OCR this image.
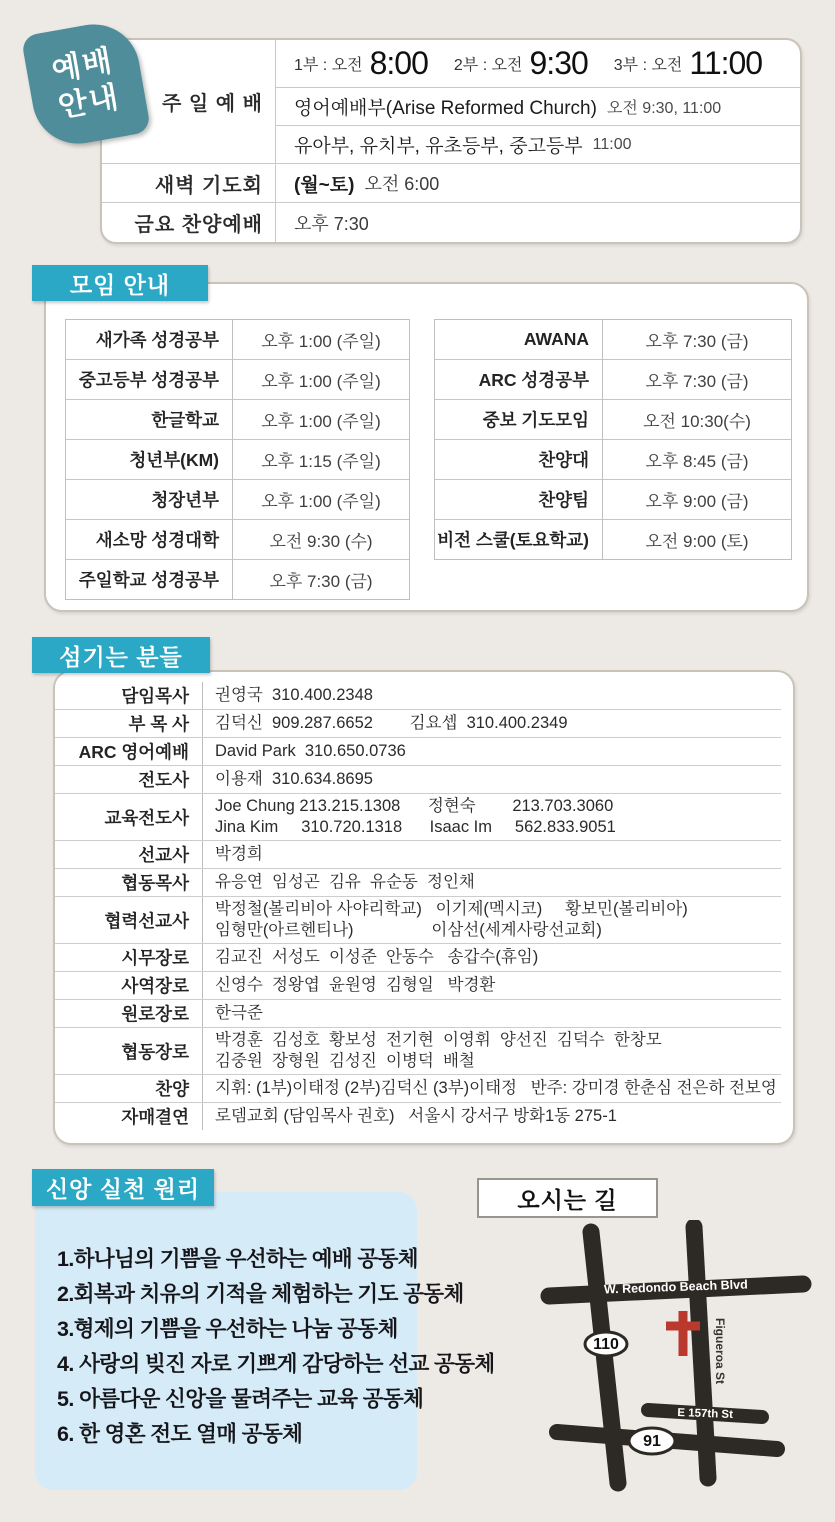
예배
안내	주 일 예 배
1부 : 오전 8:00 2부 : 오전 9:30 3부 : 오전 11:00
영어예배부(Arise Reformed Church) 오전 9:30, 11:00
유아부, 유치부, 유초등부, 중고등부 11:00
새벽 기도회	(월~토) 오전 6:00
금요 찬양예배	오후 7:30
모임 안내
새가족 성경공부	오후 1:00 (주일)
중고등부 성경공부	오후 1:00 (주일)
한글학교	오후 1:00 (주일)
청년부(KM)	오후 1:15 (주일)
청장년부	오후 1:00 (주일)
새소망 성경대학	오전 9:30 (수)
주일학교 성경공부	오후 7:30 (금)
AWANA	오후 7:30 (금)
ARC 성경공부	오후 7:30 (금)
중보 기도모임	오전 10:30(수)
찬양대	오후 8:45 (금)
찬양팀	오후 9:00 (금)
비전 스쿨(토요학교)	오전 9:00 (토)
섬기는 분들
담임목사	권영국  310.400.2348
부 목 사	김덕신  909.287.6652        김요셉  310.400.2349
ARC 영어예배	David Park  310.650.0736
전도사	이용재  310.634.8695
교육전도사
Joe Chung 213.215.1308      정현숙        213.703.3060
Jina Kim     310.720.1318      Isaac Im     562.833.9051
선교사	박경희
협동목사	유응연  임성곤  김유  유순동  정인채
협력선교사
박정철(볼리비아 사야리학교)   이기제(멕시코)     황보민(볼리비아)
임형만(아르헨티나)                 이삼선(세계사랑선교회)
시무장로	김교진  서성도  이성준  안동수   송갑수(휴임)
사역장로	신영수  정왕엽  윤원영  김형일   박경환
원로장로	한극준
협동장로
박경훈  김성호  황보성  전기현  이영휘  양선진  김덕수  한창모
김중원  장형원  김성진  이병덕  배철
찬양	지휘: (1부)이태정 (2부)김덕신 (3부)이태정   반주: 강미경 한춘심 전은하 전보영
자매결연	로뎀교회 (담임목사 권호)   서울시 강서구 방화1동 275-1
신앙 실천 원리
1.하나님의 기쁨을 우선하는 예배 공동체
2.회복과 치유의 기적을 체험하는 기도 공동체
3.형제의 기쁨을 우선하는 나눔 공동체
4. 사랑의 빚진 자로 기쁘게 감당하는 선교 공동체
5. 아름다운 신앙을 물려주는 교육 공동체
6. 한 영혼 전도 열매 공동체
오시는 길
110
91
W. Redondo Beach Blvd
Figueroa St
E 157th St
